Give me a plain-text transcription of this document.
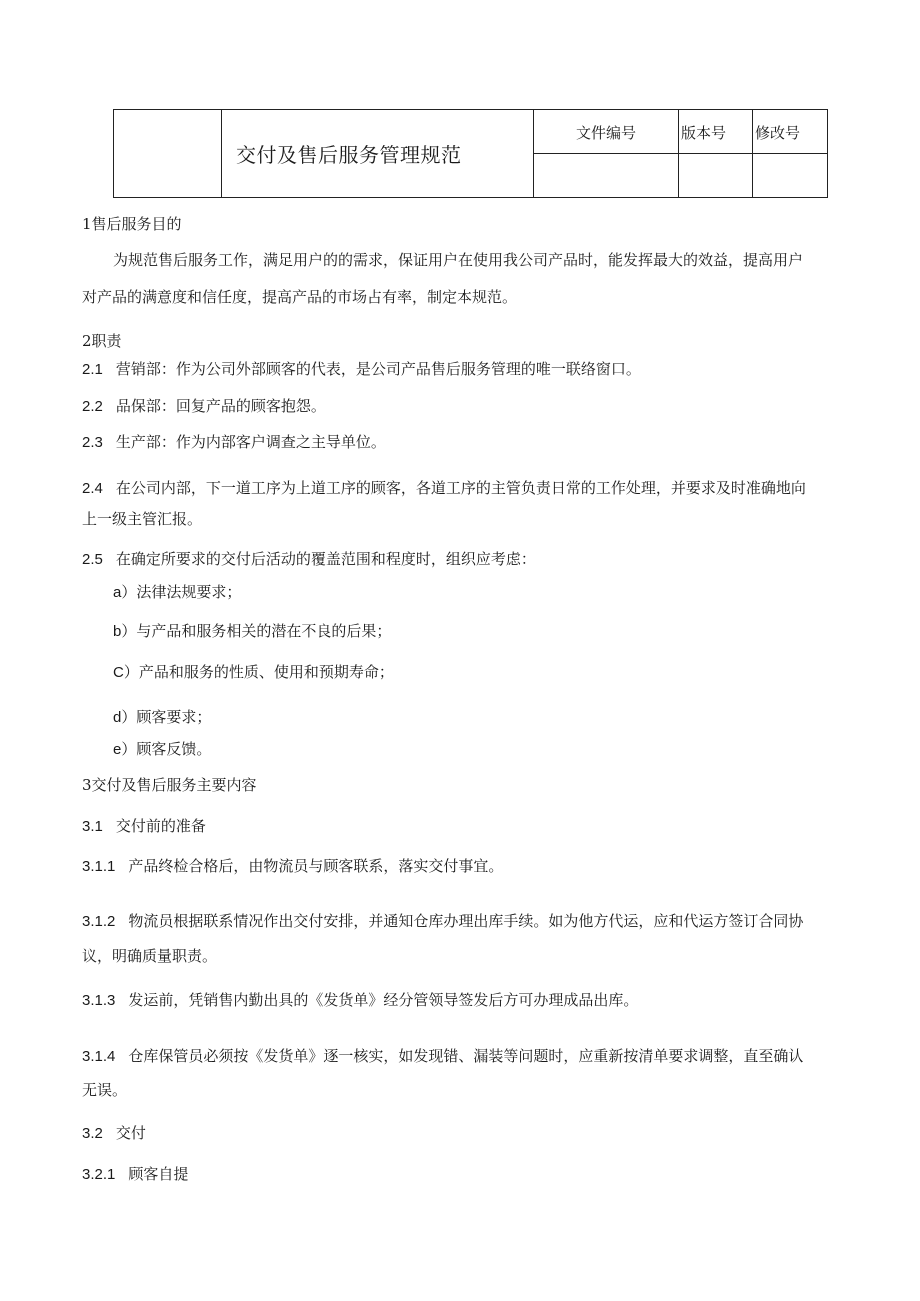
	交付及售后服务管理规范	文件编号	版本号	修改号

1售后服务目的
为规范售后服务工作，满足用户的的需求，保证用户在使用我公司产品时，能发挥最大的效益，提高用户
对产品的满意度和信任度，提高产品的市场占有率，制定本规范。
2职责
2.1 营销部：作为公司外部顾客的代表，是公司产品售后服务管理的唯一联络窗口。
2.2 品保部：回复产品的顾客抱怨。
2.3 生产部：作为内部客户调查之主导单位。
2.4 在公司内部，下一道工序为上道工序的顾客，各道工序的主管负责日常的工作处理，并要求及时准确地向
上一级主管汇报。
2.5 在确定所要求的交付后活动的覆盖范围和程度时，组织应考虑：
a）法律法规要求；
b）与产品和服务相关的潜在不良的后果；
C）产品和服务的性质、使用和预期寿命；
d）顾客要求；
e）顾客反馈。
3交付及售后服务主要内容
3.1 交付前的准备
3.1.1 产品终检合格后，由物流员与顾客联系，落实交付事宜。
3.1.2 物流员根据联系情况作出交付安排，并通知仓库办理出库手续。如为他方代运，应和代运方签订合同协
议，明确质量职责。
3.1.3 发运前，凭销售内勤出具的《发货单》经分管领导签发后方可办理成品出库。
3.1.4 仓库保管员必须按《发货单》逐一核实，如发现错、漏装等问题时，应重新按清单要求调整，直至确认
无误。
3.2 交付
3.2.1 顾客自提
